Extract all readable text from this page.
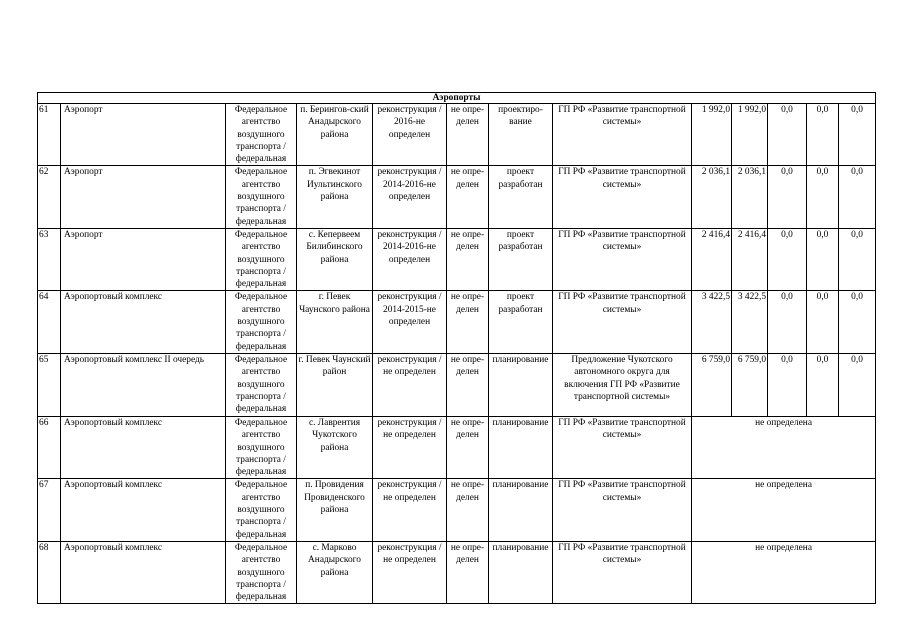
Аэропорты												
61	Аэропорт	Федеральное агентство воздушного транспорта / федеральная	п. Берингов-ский Анадырского района	реконструкция / 2016-не определен	не опре-делен	проектиро-вание	ГП РФ «Развитие транспортной системы»	1 992,0	1 992,0	0,0	0,0	0,0
62	Аэропорт	Федеральное агентство воздушного транспорта / федеральная	п. Эгвекинот Иультинского района	реконструкция / 2014-2016-не определен	не опре-делен	проект разработан	ГП РФ «Развитие транспортной системы»	2 036,1	2 036,1	0,0	0,0	0,0
63	Аэропорт	Федеральное агентство воздушного транспорта / федеральная	с. Кепервеем Билибинского района	реконструкция / 2014-2016-не определен	не опре-делен	проект разработан	ГП РФ «Развитие транспортной системы»	2 416,4	2 416,4	0,0	0,0	0,0
64	Аэропортовый комплекс	Федеральное агентство воздушного транспорта / федеральная	г. Певек Чаунского района	реконструкция / 2014-2015-не определен	не опре-делен	проект разработан	ГП РФ «Развитие транспортной системы»	3 422,5	3 422,5	0,0	0,0	0,0
65	Аэропортовый комплекс II очередь	Федеральное агентство воздушного транспорта / федеральная	г. Певек Чаунский район	реконструкция / не определен	не опре-делен	планирование	Предложение Чукотского автономного округа для включения ГП РФ «Развитие транспортной системы»	6 759,0	6 759,0	0,0	0,0	0,0
66	Аэропортовый комплекс	Федеральное агентство воздушного транспорта / федеральная	с. Лаврентия Чукотского района	реконструкция / не определен	не опре-делен	планирование	ГП РФ «Развитие транспортной системы»	не определена				
67	Аэропортовый комплекс	Федеральное агентство воздушного транспорта / федеральная	п. Провидения Провиденского района	реконструкция / не определен	не опре-делен	планирование	ГП РФ «Развитие транспортной системы»	не определена				
68	Аэропортовый комплекс	Федеральное агентство воздушного транспорта / федеральная	с. Марково Анадырского района	реконструкция / не определен	не опре-делен	планирование	ГП РФ «Развитие транспортной системы»	не определена				
